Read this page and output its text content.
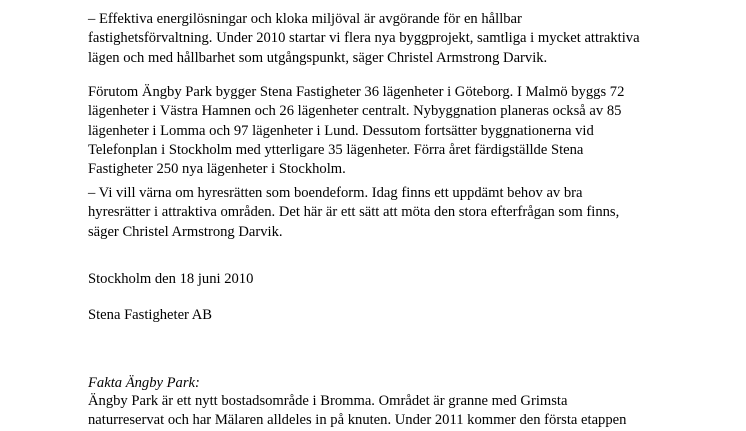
– Effektiva energilösningar och kloka miljöval är avgörande för en hållbar
fastighetsförvaltning. Under 2010 startar vi flera nya byggprojekt, samtliga i mycket attraktiva
lägen och med hållbarhet som utgångspunkt, säger Christel Armstrong Darvik.

Förutom Ängby Park bygger Stena Fastigheter 36 lägenheter i Göteborg. I Malmö byggs 72
lägenheter i Västra Hamnen och 26 lägenheter centralt. Nybyggnation planeras också av 85
lägenheter i Lomma och 97 lägenheter i Lund. Dessutom fortsätter byggnationerna vid
Telefonplan i Stockholm med ytterligare 35 lägenheter. Förra året färdigställde Stena
Fastigheter 250 nya lägenheter i Stockholm.

– Vi vill värna om hyresrätten som boendeform. Idag finns ett uppdämt behov av bra
hyresrätter i attraktiva områden. Det här är ett sätt att möta den stora efterfrågan som finns,
säger Christel Armstrong Darvik.

Stockholm den 18 juni 2010

Stena Fastigheter AB

Fakta Ängby Park:

Ängby Park är ett nytt bostadsområde i Bromma. Området är granne med Grimsta
naturreservat och har Mälaren alldeles in på knuten. Under 2011 kommer den första etappen
